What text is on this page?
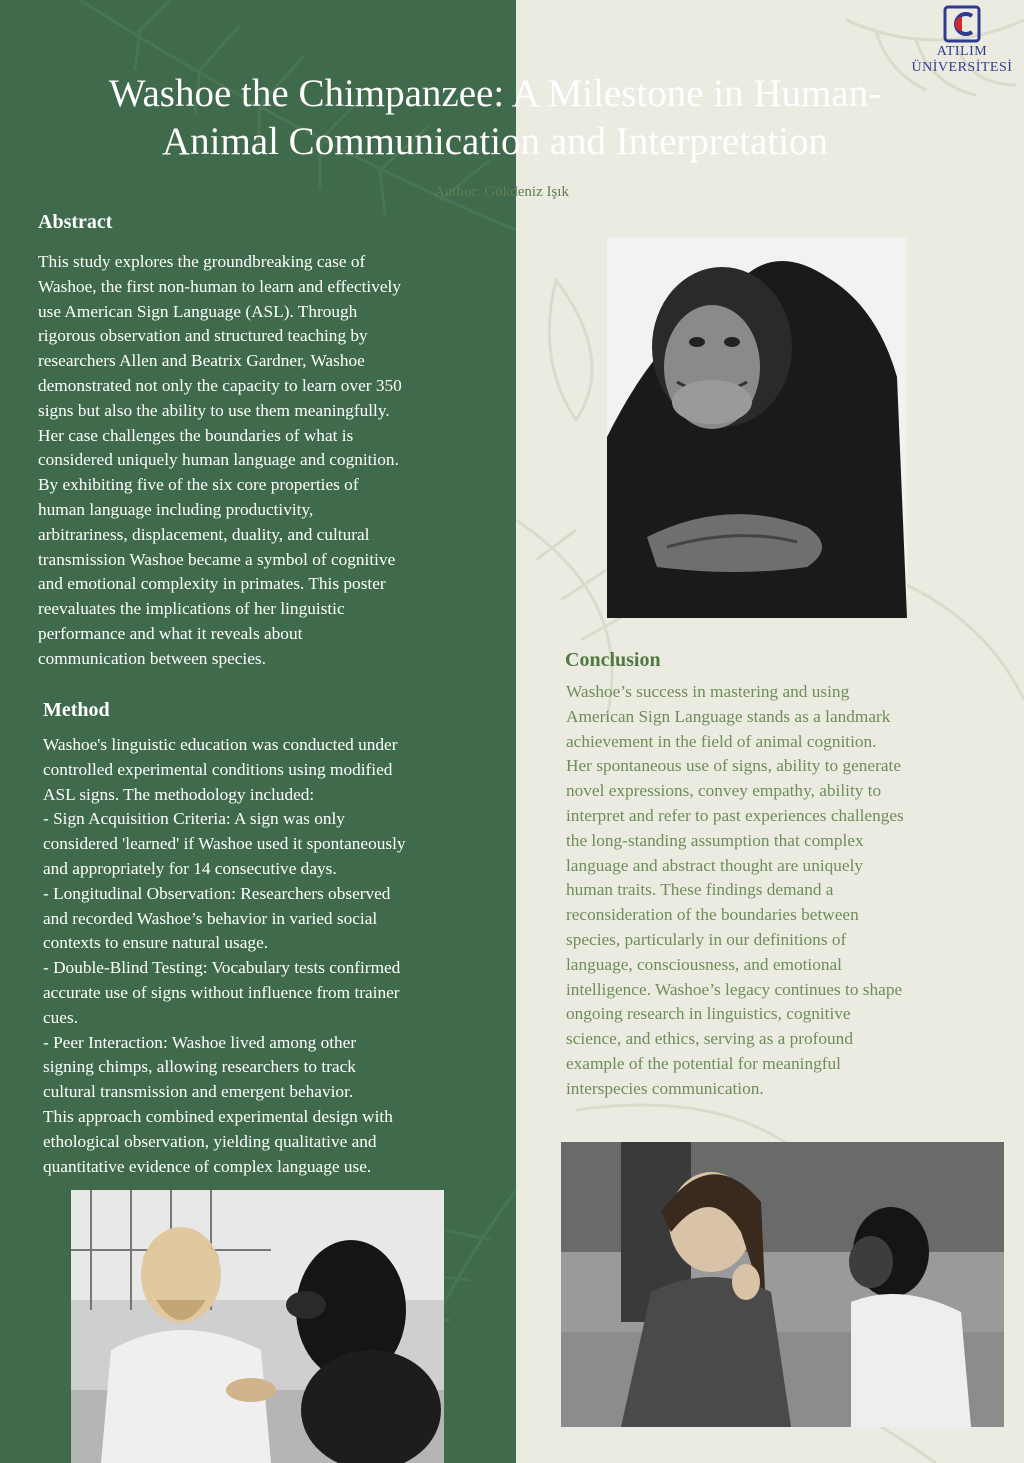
ATILIM
ÜNİVERSİTESİ
Washoe the Chimpanzee: A Milestone in Human-
Animal Communication and Interpretation
Author: Gökdeniz Işık
Abstract
This study explores the groundbreaking case of
Washoe, the first non-human to learn and effectively
use American Sign Language (ASL). Through
rigorous observation and structured teaching by
researchers Allen and Beatrix Gardner, Washoe
demonstrated not only the capacity to learn over 350
signs but also the ability to use them meaningfully.
Her case challenges the boundaries of what is
considered uniquely human language and cognition.
By exhibiting five of the six core properties of
human language including productivity,
arbitrariness, displacement, duality, and cultural
transmission Washoe became a symbol of cognitive
and emotional complexity in primates. This poster
reevaluates the implications of her linguistic
performance and what it reveals about
communication between species.
Method
Washoe's linguistic education was conducted under
controlled experimental conditions using modified
ASL signs. The methodology included:
- Sign Acquisition Criteria: A sign was only
considered 'learned' if Washoe used it spontaneously
and appropriately for 14 consecutive days.
- Longitudinal Observation: Researchers observed
and recorded Washoe’s behavior in varied social
contexts to ensure natural usage.
- Double-Blind Testing: Vocabulary tests confirmed
accurate use of signs without influence from trainer
cues.
- Peer Interaction: Washoe lived among other
signing chimps, allowing researchers to track
cultural transmission and emergent behavior.
This approach combined experimental design with
ethological observation, yielding qualitative and
quantitative evidence of complex language use.
Conclusion
Washoe’s success in mastering and using
American Sign Language stands as a landmark
achievement in the field of animal cognition.
Her spontaneous use of signs, ability to generate
novel expressions, convey empathy, ability to
interpret and refer to past experiences challenges
the long-standing assumption that complex
language and abstract thought are uniquely
human traits. These findings demand a
reconsideration of the boundaries between
species, particularly in our definitions of
language, consciousness, and emotional
intelligence. Washoe’s legacy continues to shape
ongoing research in linguistics, cognitive
science, and ethics, serving as a profound
example of the potential for meaningful
interspecies communication.
